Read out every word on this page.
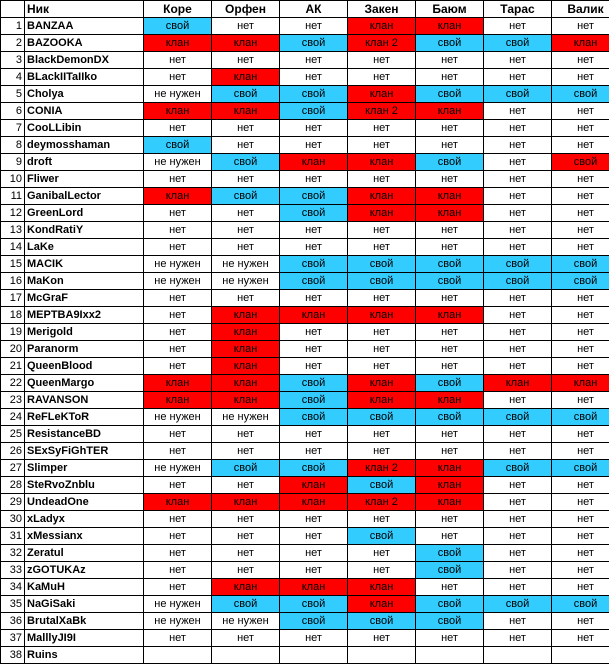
	Ник	Коре	Орфен	АК	Закен	Баюм	Тарас	Валик
1	BANZAA	свой	нет	нет	клан	клан	нет	нет
2	BAZOOKA	клан	клан	свой	клан 2	свой	свой	клан
3	BlackDemonDX	нет	нет	нет	нет	нет	нет	нет
4	BLackIITaIIko	нет	клан	нет	нет	нет	нет	нет
5	Cholya	не нужен	свой	свой	клан	свой	свой	свой
6	CONIA	клан	клан	свой	клан 2	клан	нет	нет
7	CooLLibin	нет	нет	нет	нет	нет	нет	нет
8	deymosshaman	свой	нет	нет	нет	нет	нет	нет
9	droft	не нужен	свой	клан	клан	свой	нет	свой
10	Fliwer	нет	нет	нет	нет	нет	нет	нет
11	GanibalLector	клан	свой	свой	клан	клан	нет	нет
12	GreenLord	нет	нет	свой	клан	клан	нет	нет
13	KondRatiY	нет	нет	нет	нет	нет	нет	нет
14	LaKe	нет	нет	нет	нет	нет	нет	нет
15	MACIK	не нужен	не нужен	свой	свой	свой	свой	свой
16	MaKon	не нужен	не нужен	свой	свой	свой	свой	свой
17	McGraF	нет	нет	нет	нет	нет	нет	нет
18	MEPTBA9Ixx2	нет	клан	клан	клан	клан	нет	нет
19	Merigold	нет	клан	нет	нет	нет	нет	нет
20	Paranorm	нет	клан	нет	нет	нет	нет	нет
21	QueenBlood	нет	клан	нет	нет	нет	нет	нет
22	QueenMargo	клан	клан	свой	клан	свой	клан	клан
23	RAVANSON	клан	клан	свой	клан	клан	нет	нет
24	ReFLeKToR	не нужен	не нужен	свой	свой	свой	свой	свой
25	ResistanceBD	нет	нет	нет	нет	нет	нет	нет
26	SExSyFiGhTER	нет	нет	нет	нет	нет	нет	нет
27	Slimper	не нужен	свой	свой	клан 2	клан	свой	свой
28	SteRvoZnblu	нет	нет	клан	свой	клан	нет	нет
29	UndeadOne	клан	клан	клан	клан 2	клан	нет	нет
30	xLadyx	нет	нет	нет	нет	нет	нет	нет
31	xMessianx	нет	нет	нет	свой	нет	нет	нет
32	Zeratul	нет	нет	нет	нет	свой	нет	нет
33	zGOTUKAz	нет	нет	нет	нет	свой	нет	нет
34	KaMuH	нет	клан	клан	клан	нет	нет	нет
35	NaGiSaki	не нужен	свой	свой	клан	свой	свой	свой
36	BrutalXaBk	не нужен	не нужен	свой	свой	свой	нет	нет
37	MalllyJI9I	нет	нет	нет	нет	нет	нет	нет
38	Ruins							
